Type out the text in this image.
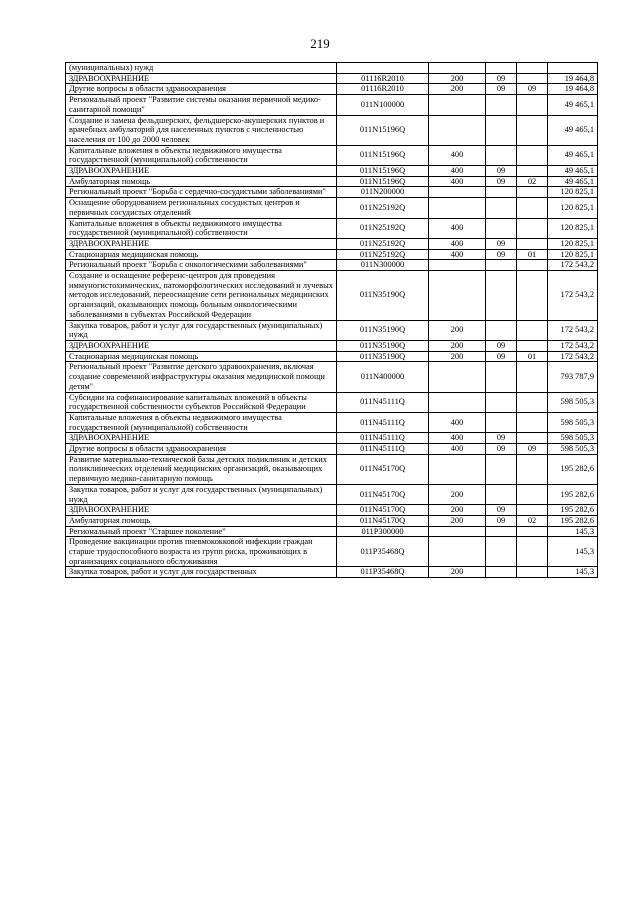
219
(муниципальных) нужд					
ЗДРАВООХРАНЕНИЕ	01116R2010	200	09		19 464,8
Другие вопросы в области здравоохранения	01116R2010	200	09	09	19 464,8
Региональный проект "Развитие системы оказания первичной медико-санитарной помощи"	011N100000				49 465,1
Создание и замена фельдшерских, фельдшерско-акушерских пунктов и врачебных амбулаторий для населенных пунктов с численностью населения от 100 до 2000 человек	011N15196Q				49 465,1
Капитальные вложения в объекты недвижимого имущества государственной (муниципальной) собственности	011N15196Q	400			49 465,1
ЗДРАВООХРАНЕНИЕ	011N15196Q	400	09		49 465,1
Амбулаторная помощь	011N15196Q	400	09	02	49 465,1
Региональный проект "Борьба с сердечно-сосудистыми заболеваниями"	011N200000				120 825,1
Оснащение оборудованием региональных сосудистых центров и первичных сосудистых отделений	011N25192Q				120 825,1
Капитальные вложения в объекты недвижимого имущества государственной (муниципальной) собственности	011N25192Q	400			120 825,1
ЗДРАВООХРАНЕНИЕ	011N25192Q	400	09		120 825,1
Стационарная медицинская помощь	011N25192Q	400	09	01	120 825,1
Региональный проект "Борьба с онкологическими заболеваниями"	011N300000				172 543,2
Создание и оснащение референс-центров для проведения иммуногистохимических, патоморфологических исследований и лучевых методов исследований, переоснащение сети региональных медицинских организаций, оказывающих помощь больным онкологическими заболеваниями в субъектах Российской Федерации	011N35190Q				172 543,2
Закупка товаров, работ и услуг для государственных (муниципальных) нужд	011N35190Q	200			172 543,2
ЗДРАВООХРАНЕНИЕ	011N35190Q	200	09		172 543,2
Стационарная медицинская помощь	011N35190Q	200	09	01	172 543,2
Региональный проект "Развитие детского здравоохранения, включая создание современной инфраструктуры оказания медицинской помощи детям"	011N400000				793 787,9
Субсидии на софинансирование капитальных вложений в объекты государственной собственности субъектов Российской Федерации	011N45111Q				598 505,3
Капитальные вложения в объекты недвижимого имущества государственной (муниципальной) собственности	011N45111Q	400			598 505,3
ЗДРАВООХРАНЕНИЕ	011N45111Q	400	09		598 505,3
Другие вопросы в области здравоохранения	011N45111Q	400	09	09	598 505,3
Развитие материально-технической базы детских поликлиник и детских поликлинических отделений медицинских организаций, оказывающих первичную медико-санитарную помощь	011N45170Q				195 282,6
Закупка товаров, работ и услуг для государственных (муниципальных) нужд	011N45170Q	200			195 282,6
ЗДРАВООХРАНЕНИЕ	011N45170Q	200	09		195 282,6
Амбулаторная помощь	011N45170Q	200	09	02	195 282,6
Региональный проект "Старшее поколение"	011P300000				145,3
Проведение вакцинации против пневмококковой инфекции граждан старше трудоспособного возраста из групп риска, проживающих в организациях социального обслуживания	011P35468Q				145,3
Закупка товаров, работ и услуг для государственных	011P35468Q	200			145,3
